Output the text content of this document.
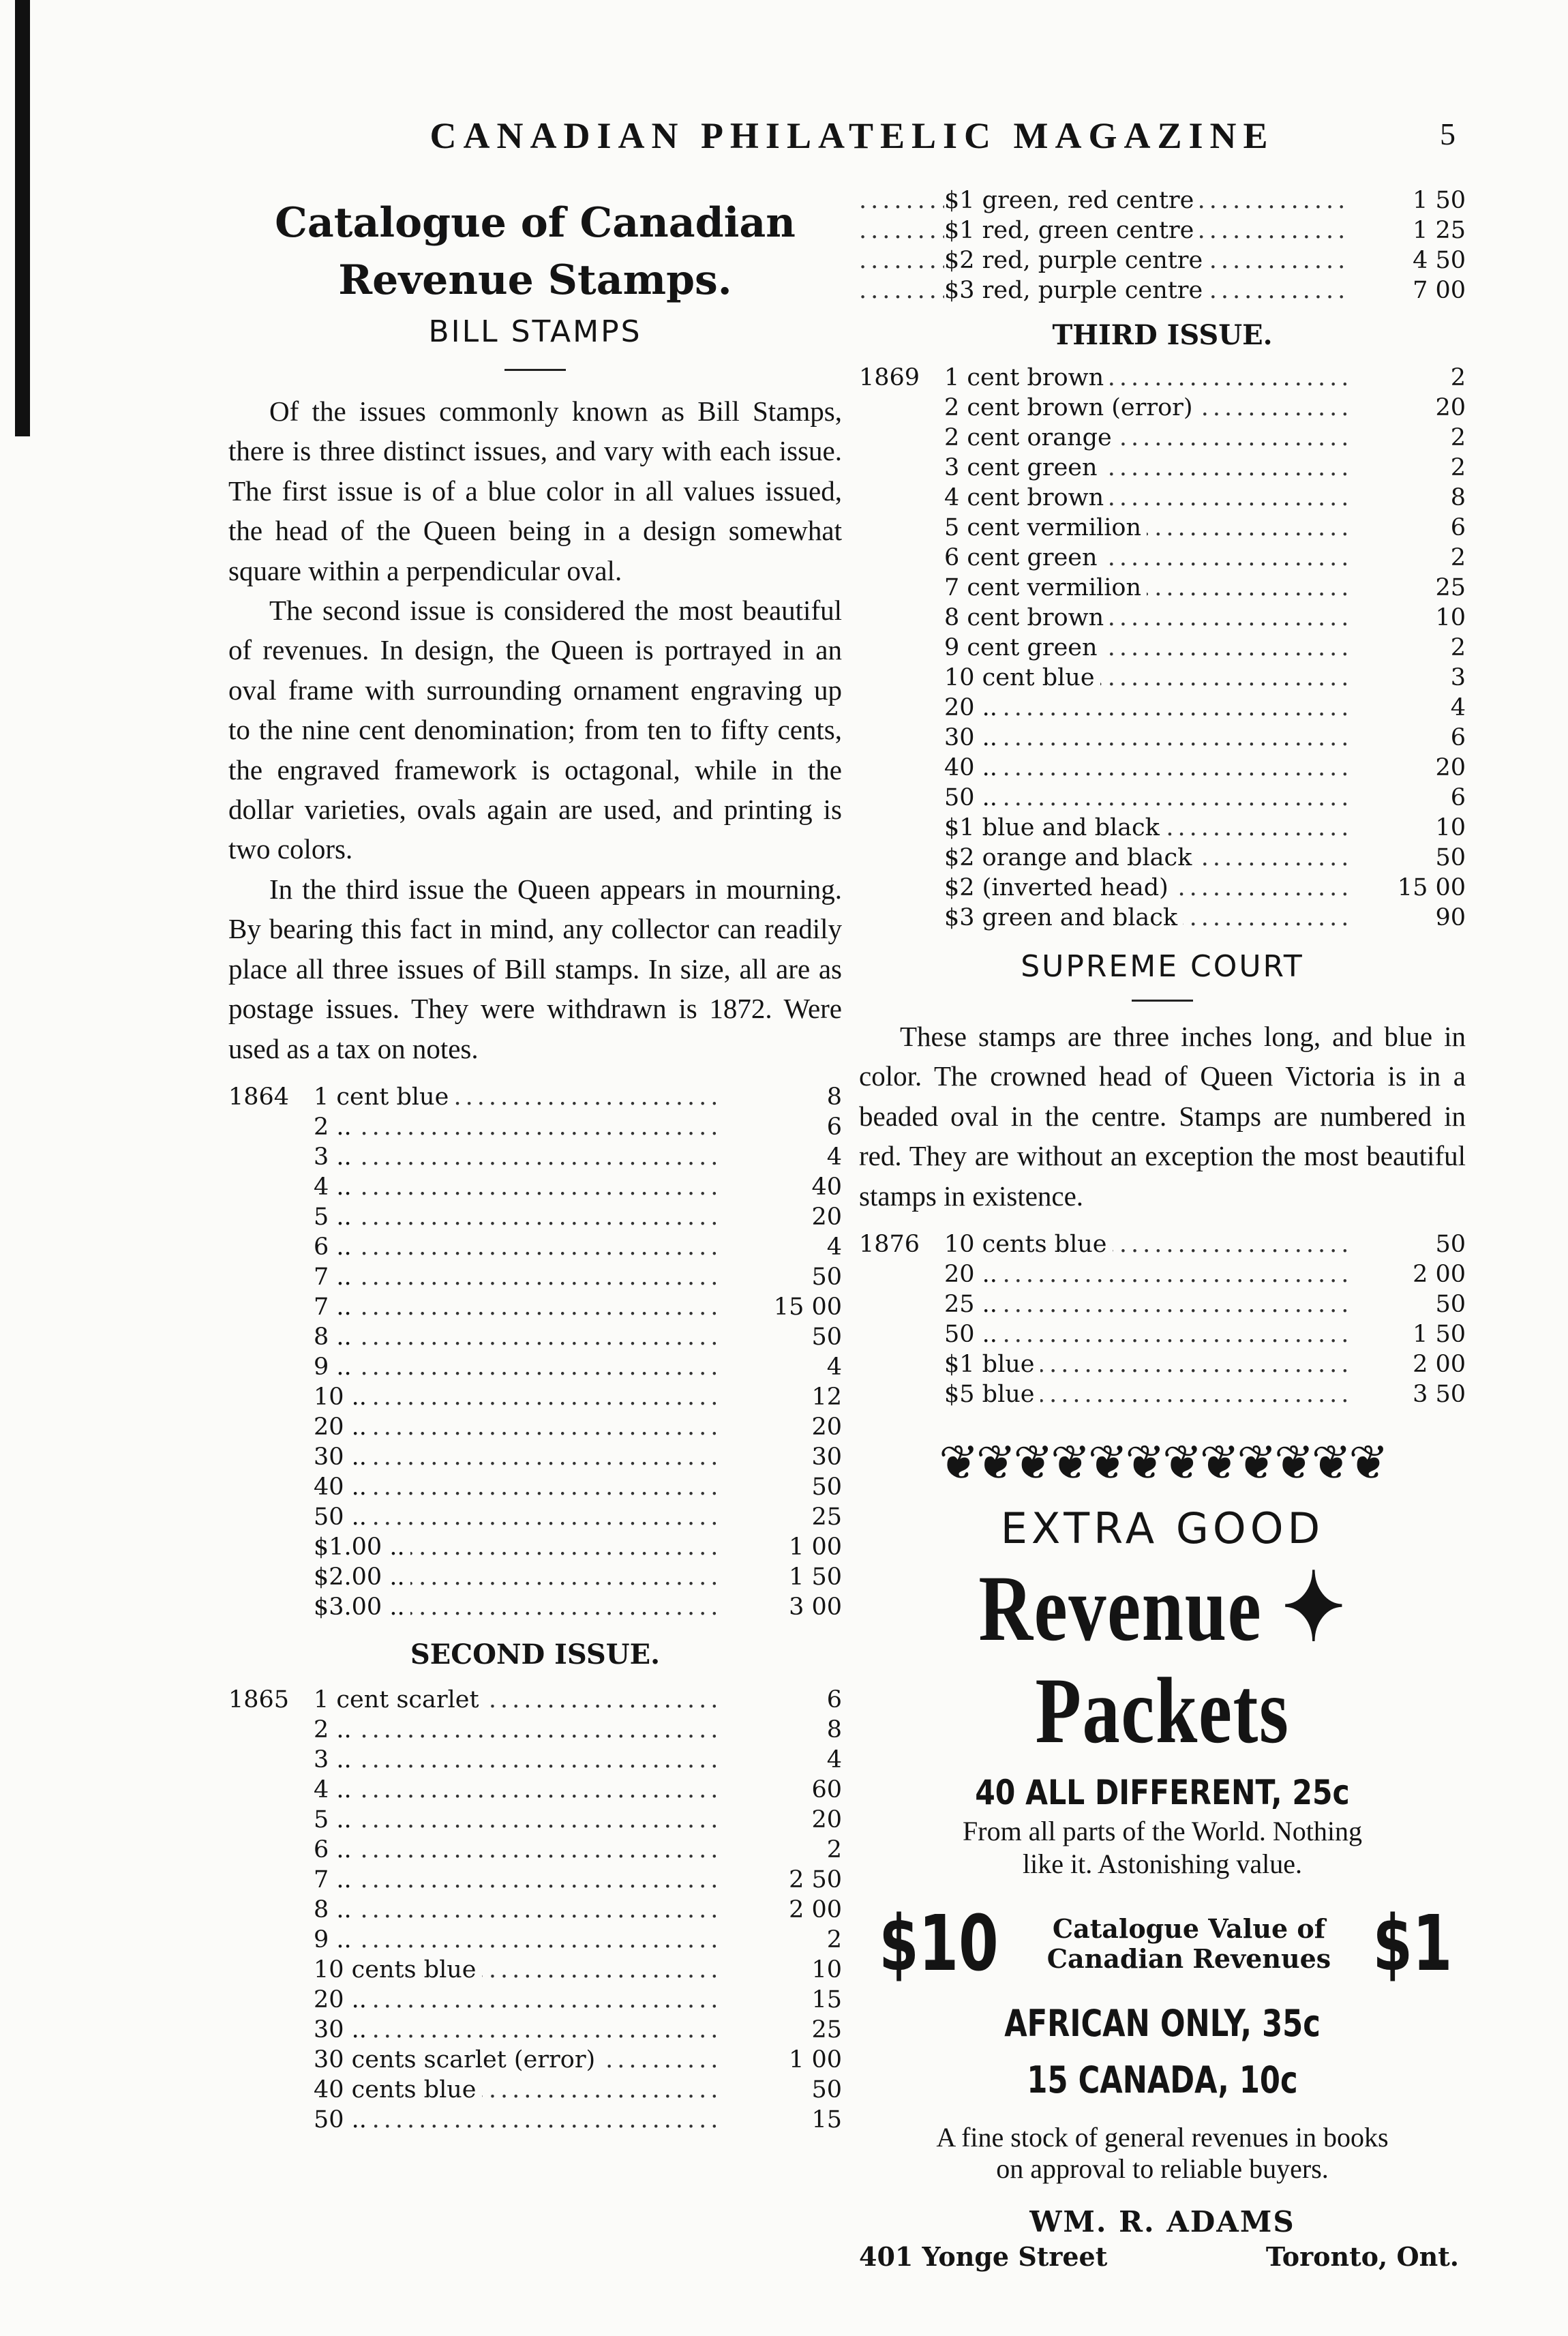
CANADIAN PHILATELIC MAGAZINE	5
Catalogue of Canadian
Revenue Stamps.
BILL STAMPS

Of the issues commonly known as Bill Stamps, there is three distinct issues, and vary with each issue. The first issue is of a blue color in all values issued, the head of the Queen being in a design somewhat square within a perpendicular oval.

The second issue is considered the most beautiful of revenues. In design, the Queen is portrayed in an oval frame with surrounding ornament engraving up to the nine cent denomination; from ten to fifty cents, the engraved framework is octagonal, while in the dollar varieties, ovals again are used, and printing is two colors.

In the third issue the Queen appears in mourning. By bearing this fact in mind, any collector can readily place all three issues of Bill stamps. In size, all are as postage issues. They were withdrawn is 1872. Were used as a tax on notes.

1864	1 cent blue .....	8
	2 .. .....	6
	3 .. .....	4
	4 .. .....	40
	5 .. .....	20
	6 .. .....	4
	7 .. .....	50
	7 .. .....	15 00
	8 .. .....	50
	9 .. .....	4
	10 .. .....	12
	20 .. .....	20
	30 .. .....	30
	40 .. .....	50
	50 .. .....	25
	$1.00 .. .....	1 00
	$2.00 .. .....	1 50
	$3.00 .. .....	3 00
SECOND ISSUE.
1865	1 cent scarlet .....	6
	2 .. .....	8
	3 .. .....	4
	4 .. .....	60
	5 .. .....	20
	6 .. .....	2
	7 .. .....	2 50
	8 .. .....	2 00
	9 .. .....	2
	10 cents blue .....	10
	20 .. .....	15
	30 .. .....	25
	30 cents scarlet (error) .....	1 00
	40 cents blue .....	50
	50 .. .....	15
$1 green, red centre .....	1 50
$1 red, green centre .....	1 25
$2 red, purple centre .....	4 50
$3 red, purple centre .....	7 00
THIRD ISSUE.
1869	1 cent brown .....	2
	2 cent brown (error) .....	20
	2 cent orange .....	2
	3 cent green .....	2
	4 cent brown .....	8
	5 cent vermilion .....	6
	6 cent green .....	2
	7 cent vermilion .....	25
	8 cent brown .....	10
	9 cent green .....	2
	10 cent blue .....	3
	20 .. .....	4
	30 .. .....	6
	40 .. .....	20
	50 .. .....	6
	$1 blue and black .....	10
	$2 orange and black .....	50
	$2 (inverted head) .....	15 00
	$3 green and black .....	90
SUPREME COURT

These stamps are three inches long, and blue in color. The crowned head of Queen Victoria is in a beaded oval in the centre. Stamps are numbered in red. They are without an exception the most beautiful stamps in existence.

1876	10 cents blue .....	50
	20 .. .....	2 00
	25 .. .....	50
	50 .. .....	1 50
	$1 blue .....	2 00
	$5 blue .....	3 50
❦❦❦❦❦❦❦❦❦❦❦❦
EXTRA GOOD
Revenue ✦ Packets
40 ALL DIFFERENT, 25c
From all parts of the World. Nothing
like it. Astonishing value.
$10 Catalogue Value of
Canadian Revenues $1
AFRICAN ONLY, 35c
15 CANADA, 10c
A fine stock of general revenues in books
on approval to reliable buyers.
WM. R. ADAMS
401 Yonge Street	Toronto, Ont.
